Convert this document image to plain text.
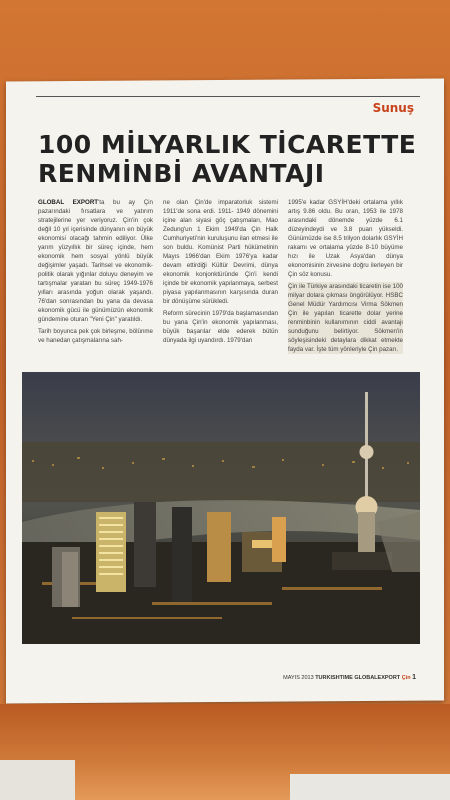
Sunuş
100 MİLYARLIK TİCARETTE
RENMİNBİ AVANTAJI

GLOBAL EXPORT'ta bu ay Çin pazarındaki fırsatlara ve yatırım stratejilerine yer veriyoruz. Çin'in çok değil 10 yıl içerisinde dünyanın en büyük ekonomisi olacağı tahmin ediliyor. Ülke yarım yüzyıllık bir süreç içinde, hem ekonomik hem sosyal yönlü büyük değişimler yaşadı. Tarihsel ve ekonomik-politik olarak yığınlar doluyu deneyim ve tartışmalar yaratan bu süreç 1949-1976 yılları arasında yoğun olarak yaşandı. 76'dan sonrasından bu yana da devasa ekonomik gücü ile günümüzün ekonomik gündemine oturan "Yeni Çin" yaratıldı.

Tarih boyunca pek çok birleşme, bölünme ve hanedan çatışmalarına sah-

ne olan Çin'de imparatorluk sistemi 1911'de sona erdi. 1911- 1949 dönemini içine alan siyasi göç çatışmaları, Mao Zedung'un 1 Ekim 1949'da Çin Halk Cumhuriyeti'nin kuruluşunu ilan etmesi ile son buldu. Komünist Parti hükümetinin Mayıs 1966'dan Ekim 1976'ya kadar devam ettirdiği Kültür Devrimi, dünya ekonomik konjonktüründe Çin'i kendi içinde bir ekonomik yapılanmaya, serbest piyasa yapılanmasının karşısında duran bir dönüşüme sürükledi.

Reform sürecinin 1979'da başlamasından bu yana Çin'in ekonomik yapılanması, büyük başarılar elde ederek bütün dünyada ilgi uyandırdı. 1979'dan

1995'e kadar GSYİH'deki ortalama yıllık artış 9.86 oldu. Bu oran, 1953 ile 1978 arasındaki dönemde yüzde 6.1 düzeyindeydi ve 3.8 puan yükseldi. Günümüzde ise 8.5 trilyon dolarlık GSYİH rakamı ve ortalama yüzde 8-10 büyüme hızı ile Uzak Asya'dan dünya ekonomisinin zirvesine doğru ilerleyen bir Çin söz konusu.

Çin ile Türkiye arasındaki ticaretin ise 100 milyar dolara çıkması öngörülüyor. HSBC Genel Müdür Yardımcısı Virma Sökmen Çin ile yapılan ticarette dolar yerine renminbinin kullanımının ciddi avantajı sunduğunu belirtiyor. Sökmen'in söyleşisindeki detaylara dikkat etmekte fayda var. İşte tüm yönleriyle Çin pazarı.

MAYIS 2013 TURKISHTIME GLOBALEXPORT Çin 1
